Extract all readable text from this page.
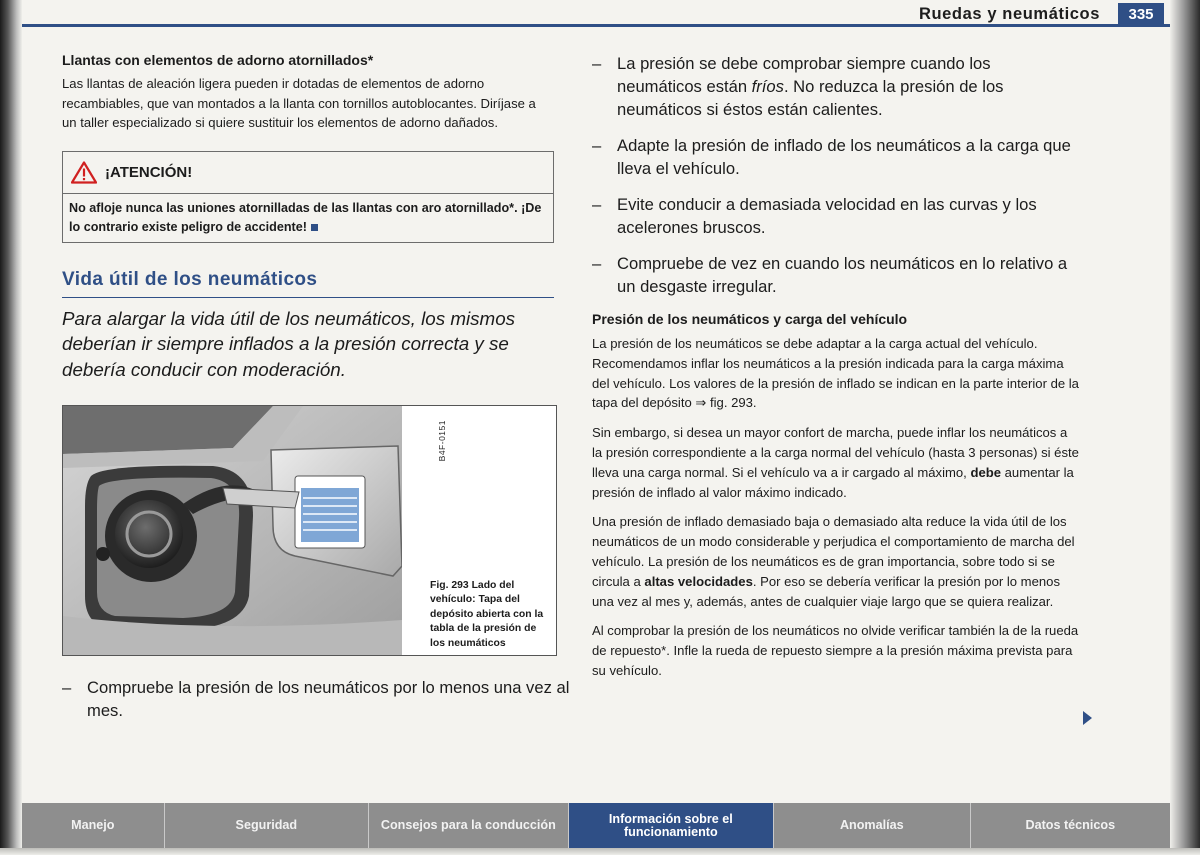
Ruedas y neumáticos	335
Llantas con elementos de adorno atornillados*

Las llantas de aleación ligera pueden ir dotadas de elementos de adorno recambiables, que van montados a la llanta con tornillos autoblocantes. Diríjase a un taller especializado si quiere sustituir los elementos de adorno dañados.

¡ATENCIÓN!
No afloje nunca las uniones atornilladas de las llantas con aro atornillado*. ¡De lo contrario existe peligro de accidente!
Vida útil de los neumáticos
Para alargar la vida útil de los neumáticos, los mismos deberían ir siempre inflados a la presión correcta y se debería conducir con moderación.
B4F-0151
Fig. 293 Lado del vehículo: Tapa del depósito abierta con la tabla de la presión de los neumáticos
– Compruebe la presión de los neumáticos por lo menos una vez al mes.

– La presión se debe comprobar siempre cuando los neumáticos están fríos. No reduzca la presión de los neumáticos si éstos están calientes.

– Adapte la presión de inflado de los neumáticos a la carga que lleva el vehículo.

– Evite conducir a demasiada velocidad en las curvas y los acelerones bruscos.

– Compruebe de vez en cuando los neumáticos en lo relativo a un desgaste irregular.

Presión de los neumáticos y carga del vehículo

La presión de los neumáticos se debe adaptar a la carga actual del vehículo. Recomendamos inflar los neumáticos a la presión indicada para la carga máxima del vehículo. Los valores de la presión de inflado se indican en la parte interior de la tapa del depósito ⇒ fig. 293.

Sin embargo, si desea un mayor confort de marcha, puede inflar los neumáticos a la presión correspondiente a la carga normal del vehículo (hasta 3 personas) si éste lleva una carga normal. Si el vehículo va a ir cargado al máximo, debe aumentar la presión de inflado al valor máximo indicado.

Una presión de inflado demasiado baja o demasiado alta reduce la vida útil de los neumáticos de un modo considerable y perjudica el comportamiento de marcha del vehículo. La presión de los neumáticos es de gran importancia, sobre todo si se circula a altas velocidades. Por eso se debería verificar la presión por lo menos una vez al mes y, además, antes de cualquier viaje largo que se quiera realizar.

Al comprobar la presión de los neumáticos no olvide verificar también la de la rueda de repuesto*. Infle la rueda de repuesto siempre a la presión máxima prevista para su vehículo.

Manejo	Seguridad	Consejos para la conducción	Información sobre el funcionamiento	Anomalías	Datos técnicos
